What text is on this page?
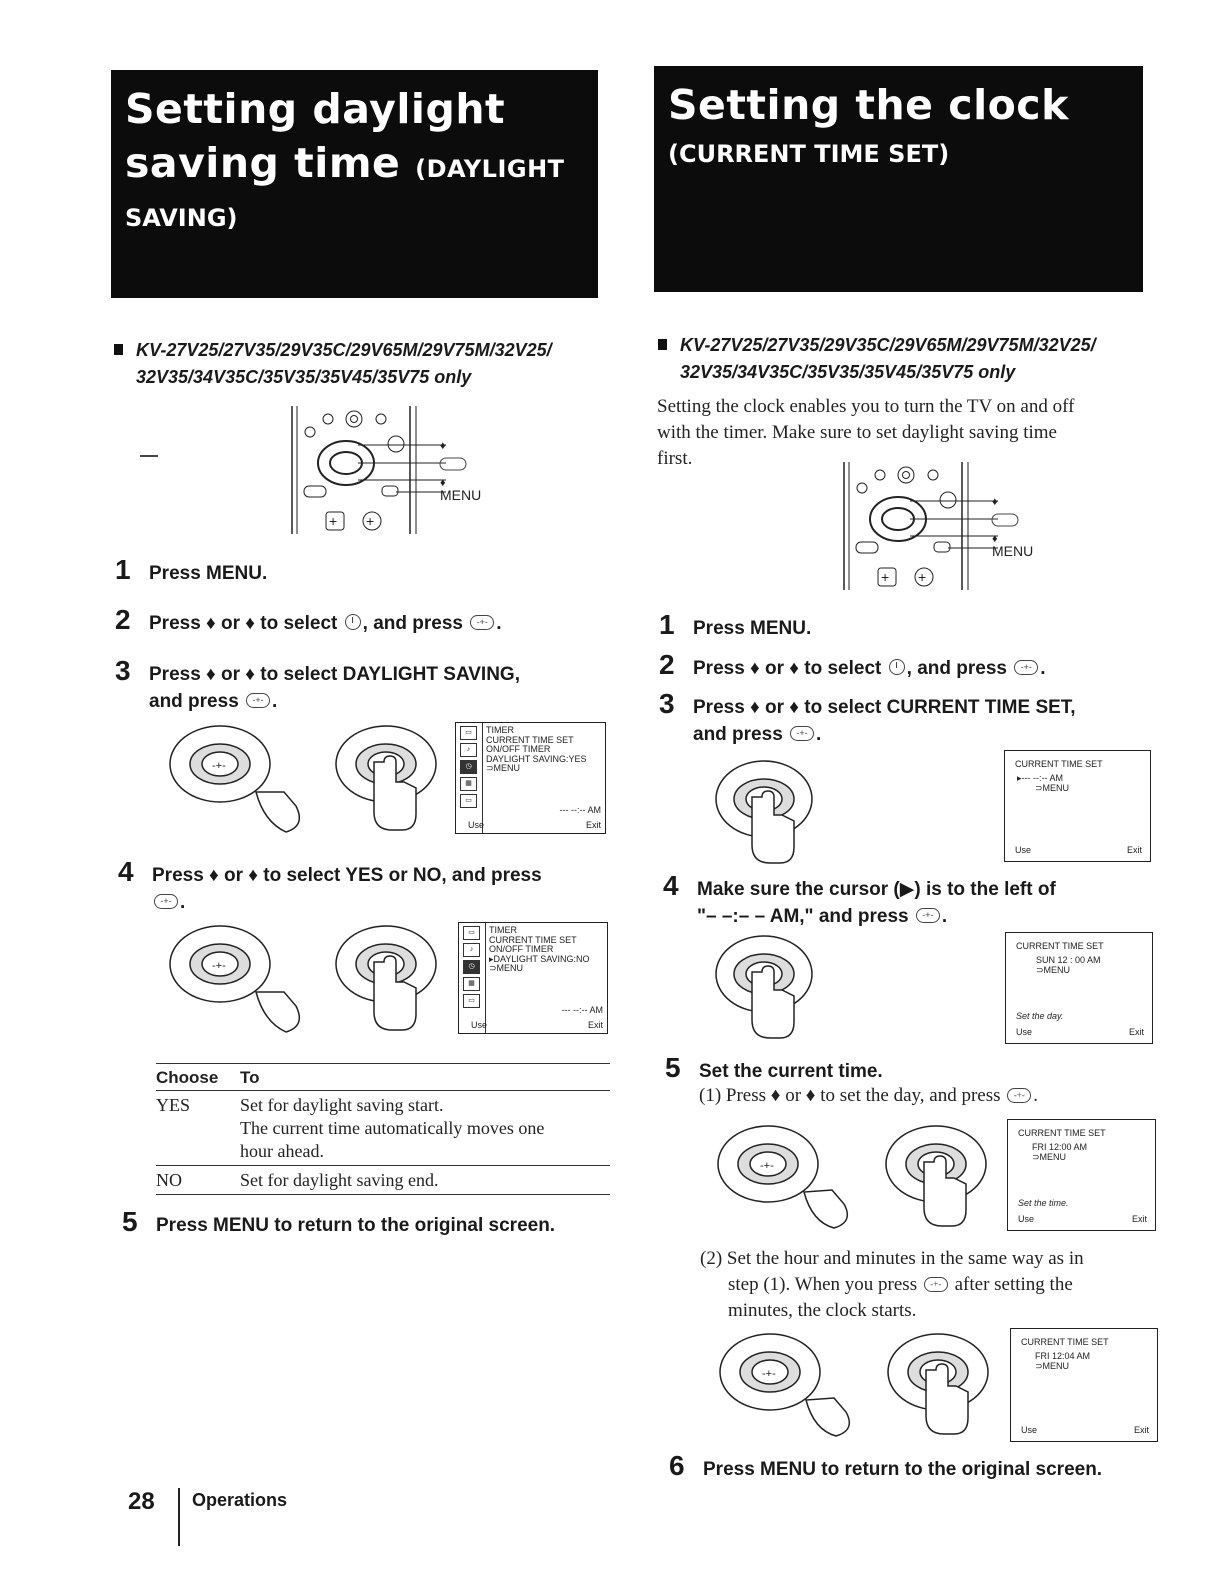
Setting daylight
saving time (DAYLIGHT
SAVING)
KV-27V25/27V35/29V35C/29V65M/29V75M/32V25/
32V35/34V35C/35V35/35V45/35V75 only
♦
♦
MENU
+ +
1 Press MENU.
2 Press ♦ or ♦ to select , and press -+- .
3 Press ♦ or ♦ to select DAYLIGHT SAVING,
and press -+- .
-+-
▭
♪
◷
▦
▭
TIMER
CURRENT TIME SET
ON/OFF TIMER
DAYLIGHT SAVING:YES
⊃MENU
--- --:-- AM
Use	Exit
4 Press ♦ or ♦ to select YES or NO, and press
-+- .
-+-
▭
♪
◷
▦
▭
TIMER
CURRENT TIME SET
ON/OFF TIMER
▸DAYLIGHT SAVING:NO
⊃MENU
--- --:-- AM
Use	Exit
Choose	To
YES	Set for daylight saving start.
The current time automatically moves one
hour ahead.

NO	Set for daylight saving end.
5 Press MENU to return to the original screen.
Setting the clock
(CURRENT TIME SET)
KV-27V25/27V35/29V35C/29V65M/29V75M/32V25/
32V35/34V35C/35V35/35V45/35V75 only
Setting the clock enables you to turn the TV on and off
with the timer. Make sure to set daylight saving time
first.
♦
♦
MENU
+ +
1 Press MENU.
2 Press ♦ or ♦ to select , and press -+- .
3 Press ♦ or ♦ to select CURRENT TIME SET,
and press -+- .
CURRENT TIME SET
▸--- --:-- AM
⊃MENU
Use	Exit
4 Make sure the cursor (▶) is to the left of
"– –:– – AM," and press -+- .
CURRENT TIME SET
SUN 12 : 00 AM
⊃MENU
Set the day.
Use	Exit
5 Set the current time.
(1) Press ♦ or ♦ to set the day, and press -+- .
-+-
CURRENT TIME SET
FRI 12:00 AM
⊃MENU
Set the time.
Use	Exit
(2) Set the hour and minutes in the same way as in
step (1). When you press -+- after setting the
minutes, the clock starts.
-+-
CURRENT TIME SET
FRI 12:04 AM
⊃MENU
Use	Exit
6 Press MENU to return to the original screen.
28 Operations
